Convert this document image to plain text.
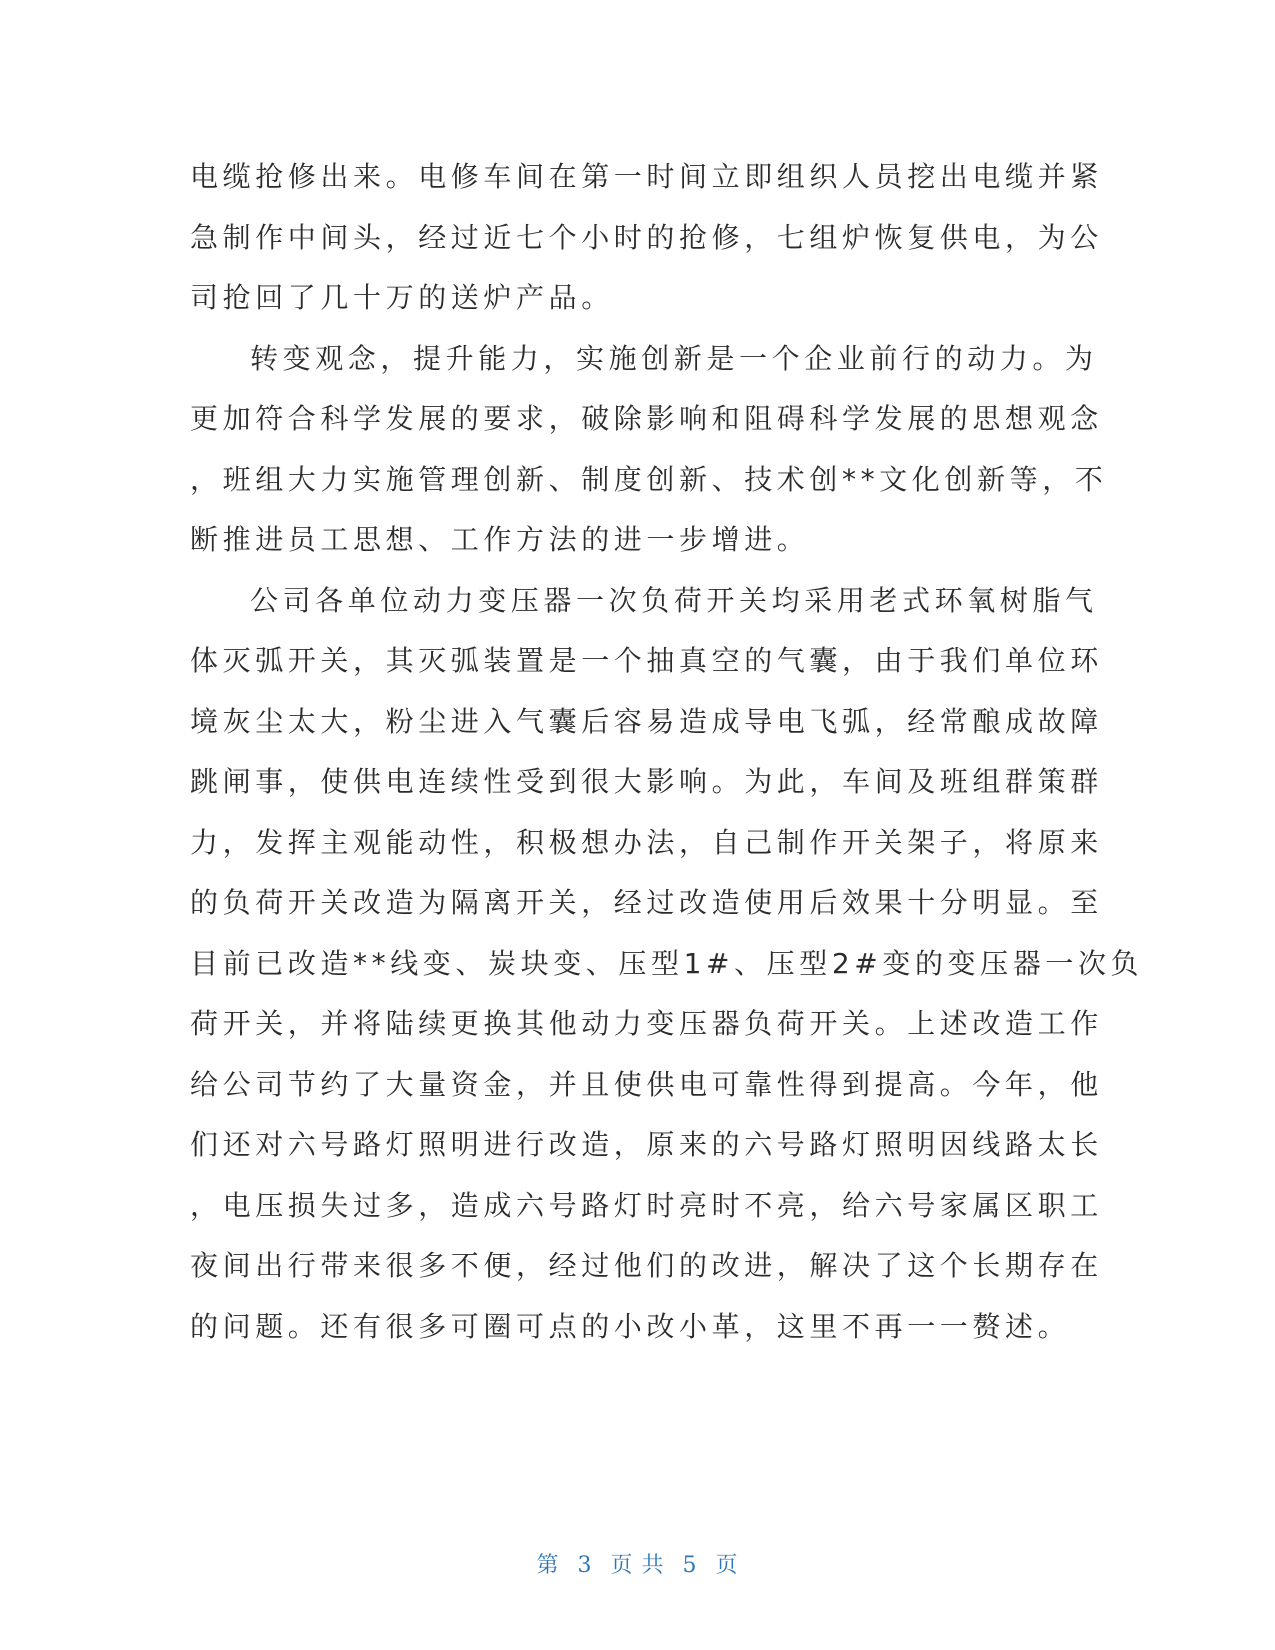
电缆抢修出来。电修车间在第一时间立即组织人员挖出电缆并紧
急制作中间头，经过近七个小时的抢修，七组炉恢复供电，为公
司抢回了几十万的送炉产品。
转变观念，提升能力，实施创新是一个企业前行的动力。为
更加符合科学发展的要求，破除影响和阻碍科学发展的思想观念
，班组大力实施管理创新、制度创新、技术创**文化创新等，不
断推进员工思想、工作方法的进一步增进。
公司各单位动力变压器一次负荷开关均采用老式环氧树脂气
体灭弧开关，其灭弧装置是一个抽真空的气囊，由于我们单位环
境灰尘太大，粉尘进入气囊后容易造成导电飞弧，经常酿成故障
跳闸事，使供电连续性受到很大影响。为此，车间及班组群策群
力，发挥主观能动性，积极想办法，自己制作开关架子，将原来
的负荷开关改造为隔离开关，经过改造使用后效果十分明显。至
目前已改造**线变、炭块变、压型1#、压型2#变的变压器一次负
荷开关，并将陆续更换其他动力变压器负荷开关。上述改造工作
给公司节约了大量资金，并且使供电可靠性得到提高。今年，他
们还对六号路灯照明进行改造，原来的六号路灯照明因线路太长
，电压损失过多，造成六号路灯时亮时不亮，给六号家属区职工
夜间出行带来很多不便，经过他们的改进，解决了这个长期存在
的问题。还有很多可圈可点的小改小革，这里不再一一赘述。
第 3 页 共 5 页
